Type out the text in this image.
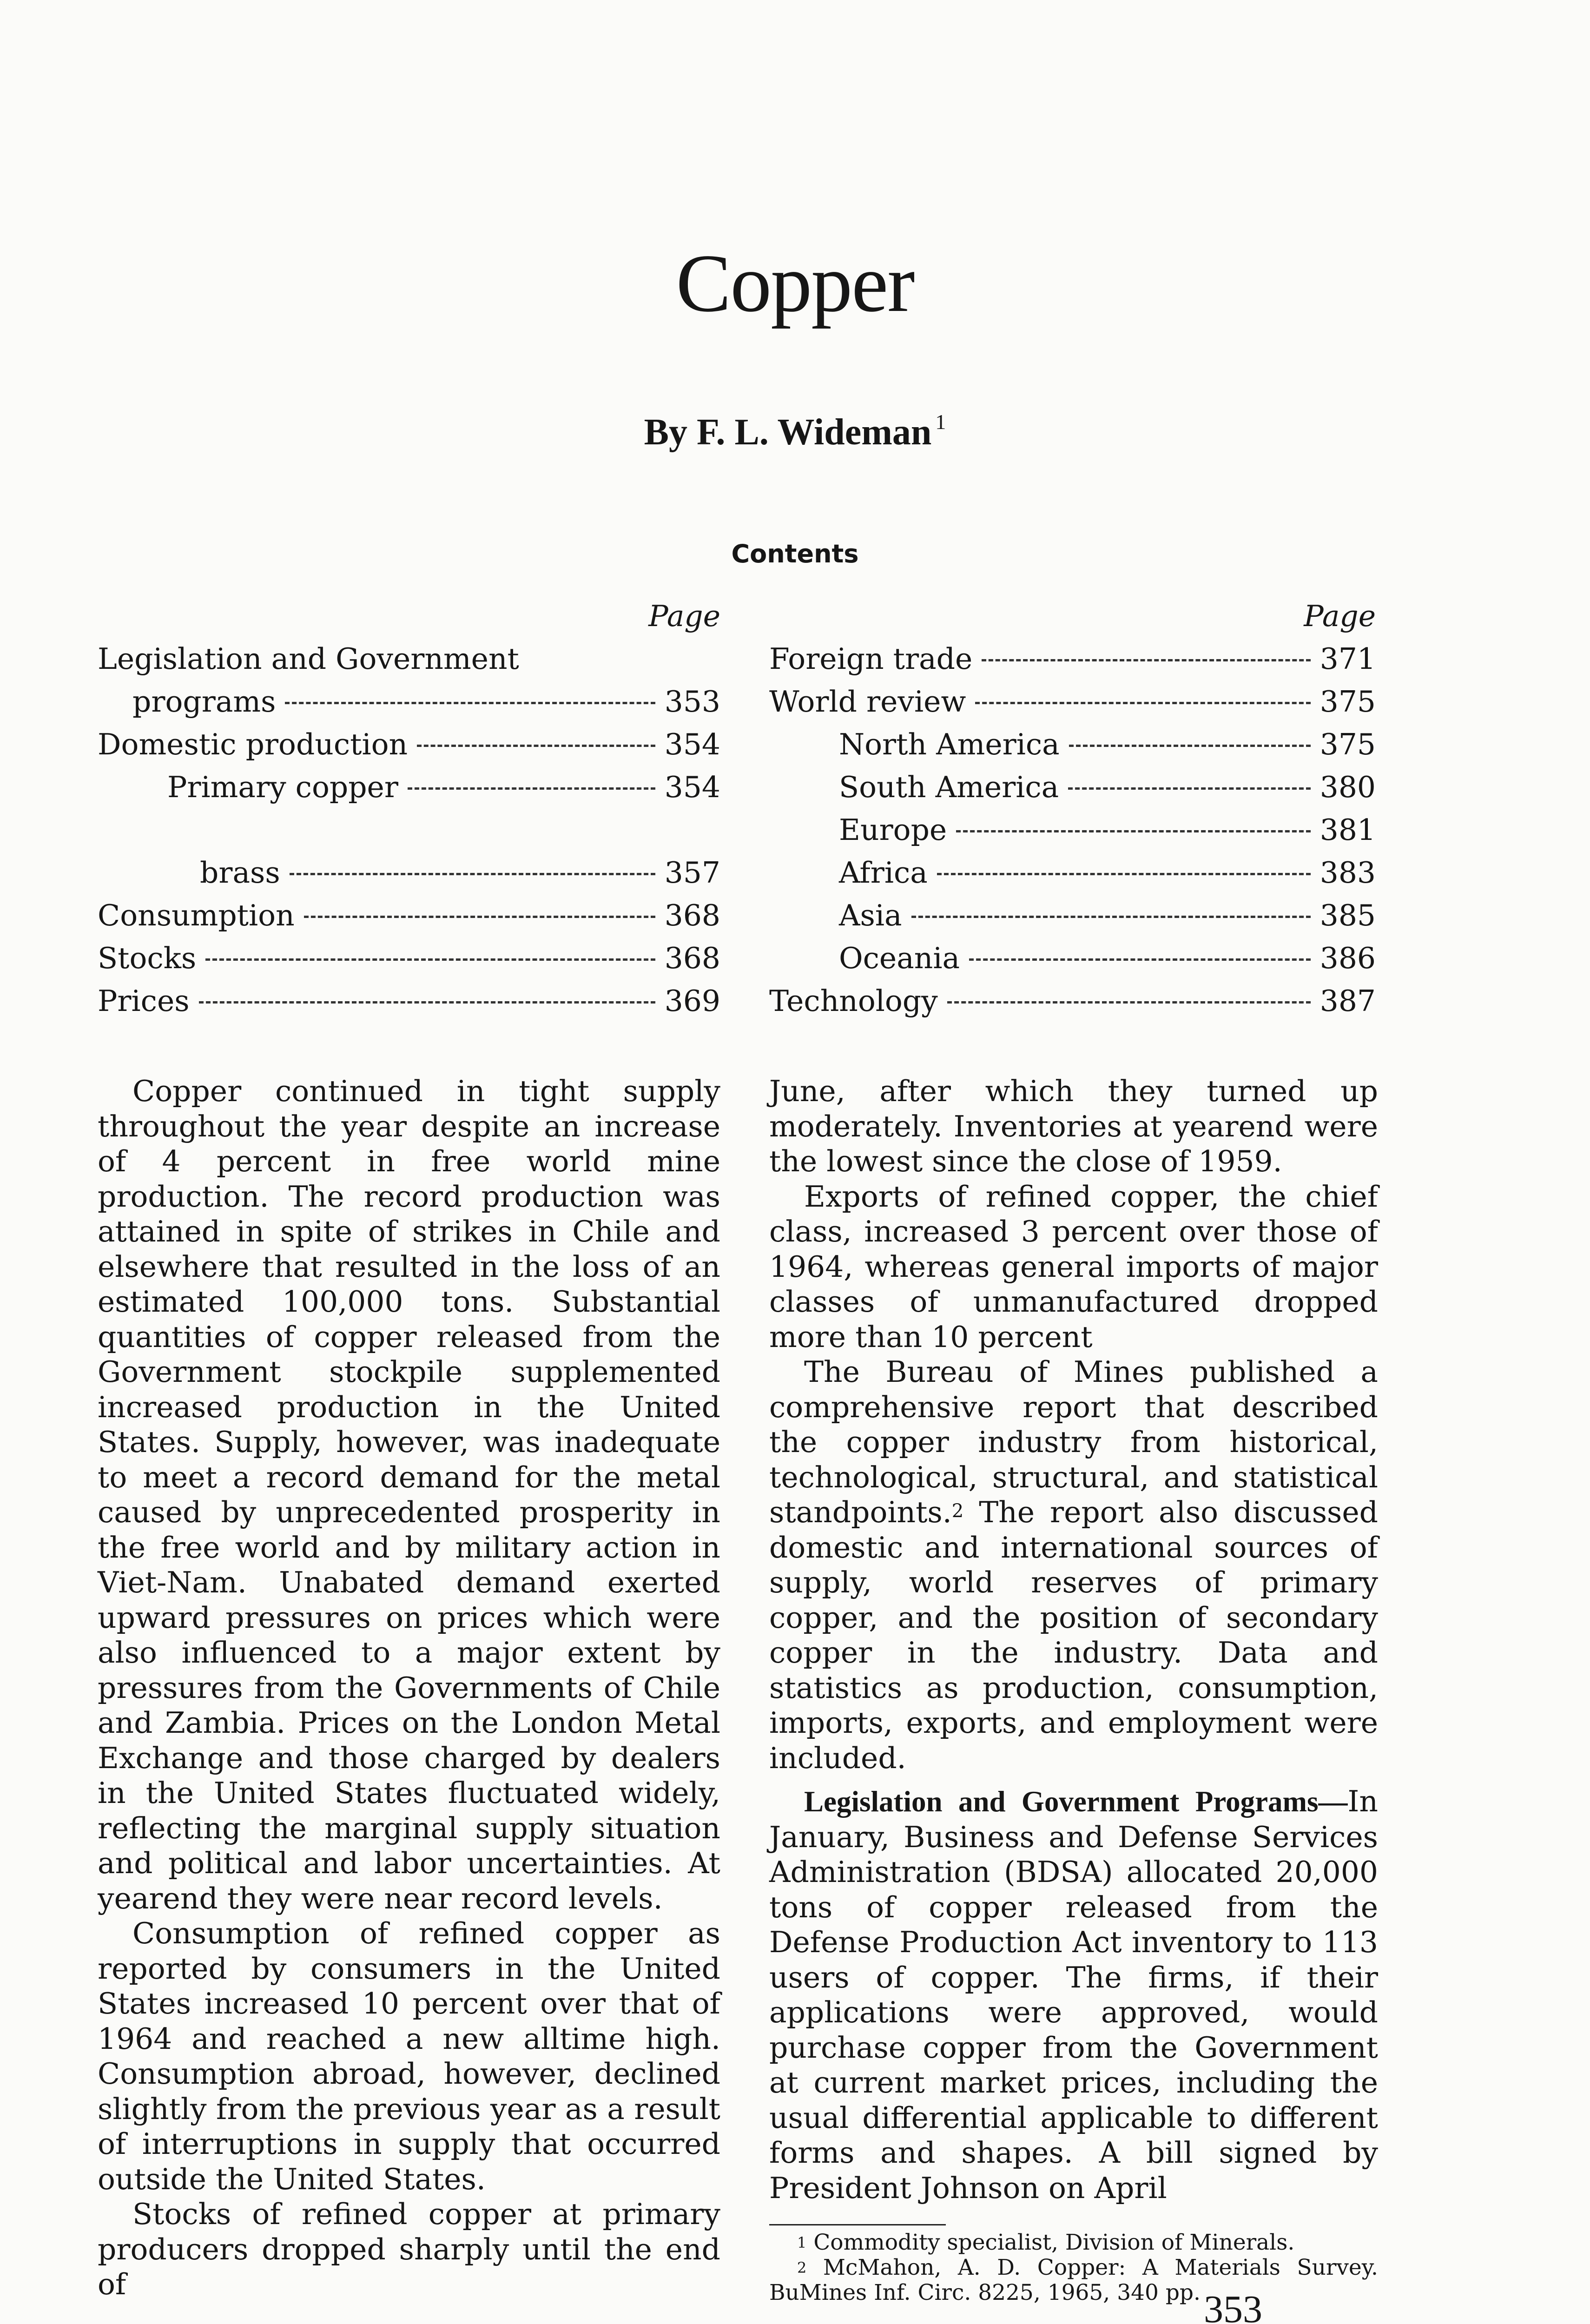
Copper
By F. L. Wideman $^1$
Contents
Page
Legislation and Government
programs	353
Domestic production	354
Primary copper	354
brass	357
Consumption	368
Stocks	368
Prices	369
Page
Foreign trade	371
World review	375
North America	375
South America	380
Europe	381
Africa	383
Asia	385
Oceania	386
Technology	387

Copper continued in tight supply throughout the year despite an increase of 4 percent in free world mine production. The record production was attained in spite of strikes in Chile and elsewhere that resulted in the loss of an estimated 100,000 tons. Substantial quantities of copper released from the Government stockpile supplemented increased production in the United States. Supply, however, was inadequate to meet a record demand for the metal caused by unprecedented prosperity in the free world and by military action in Viet-Nam. Unabated demand exerted upward pressures on prices which were also influenced to a major extent by pressures from the Governments of Chile and Zambia. Prices on the London Metal Exchange and those charged by dealers in the United States fluctuated widely, reflecting the marginal supply situation and political and labor uncertainties. At yearend they were near record levels.

Consumption of refined copper as reported by consumers in the United States increased 10 percent over that of 1964 and reached a new alltime high. Consumption abroad, however, declined slightly from the previous year as a result of interruptions in supply that occurred outside the United States.

Stocks of refined copper at primary producers dropped sharply until the end of

June, after which they turned up moderately. Inventories at yearend were the lowest since the close of 1959.

Exports of refined copper, the chief class, increased 3 percent over those of 1964, whereas general imports of major classes of unmanufactured dropped more than 10 percent

The Bureau of Mines published a comprehensive report that described the copper industry from historical, technological, structural, and statistical standpoints.$^2$ The report also discussed domestic and international sources of supply, world reserves of primary copper, and the position of secondary copper in the industry. Data and statistics as production, consumption, imports, exports, and employment were included.

Legislation and Government Programs—In January, Business and Defense Services Administration (BDSA) allocated 20,000 tons of copper released from the Defense Production Act inventory to 113 users of copper. The firms, if their applications were approved, would purchase copper from the Government at current market prices, including the usual differential applicable to different forms and shapes. A bill signed by President Johnson on April

$^1$ Commodity specialist, Division of Minerals.

$^2$ McMahon, A. D. Copper: A Materials Survey. BuMines Inf. Circ. 8225, 1965, 340 pp. 353
